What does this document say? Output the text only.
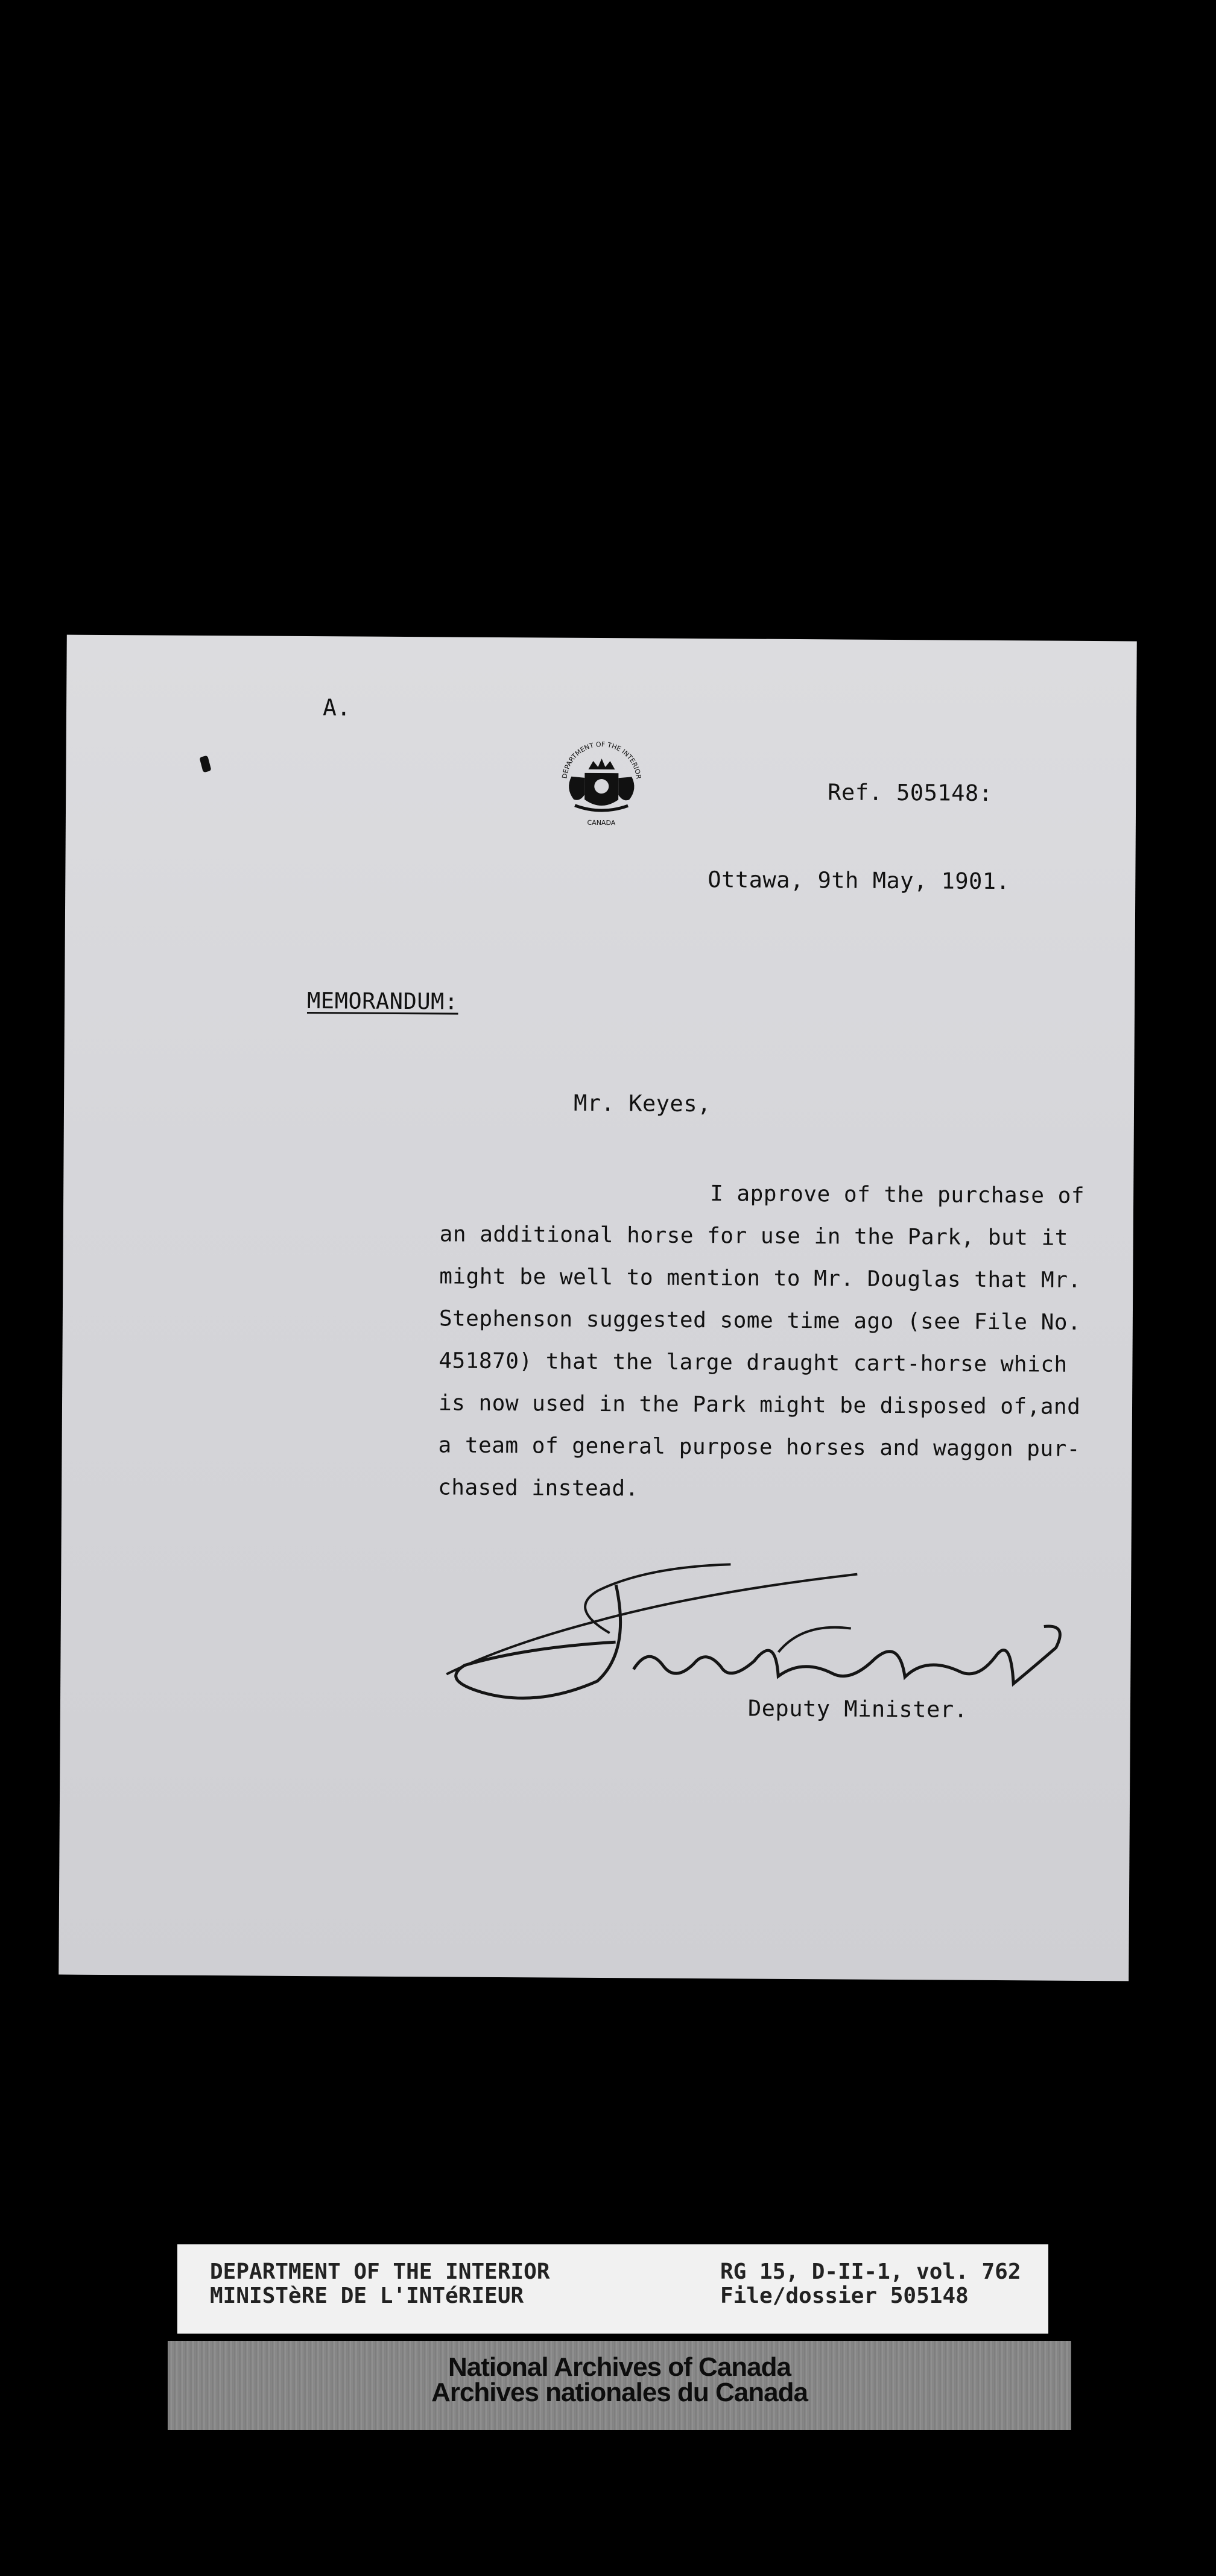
A.
DEPARTMENT OF THE INTERIOR
CANADA
Ref. 505148:
Ottawa, 9th May, 1901.
MEMORANDUM:
Mr. Keyes,
I approve of the purchase of
an additional horse for use in the Park, but it
might be well to mention to Mr. Douglas that Mr.
Stephenson suggested some time ago (see File No.
451870) that the large draught cart-horse which
is now used in the Park might be disposed of,and
a team of general purpose horses and waggon pur-
chased instead.
Deputy Minister.
DEPARTMENT OF THE INTERIOR
MINISTèRE DE L'INTéRIEUR
RG 15, D-II-1, vol. 762
File/dossier 505148
National Archives of Canada
Archives nationales du Canada
